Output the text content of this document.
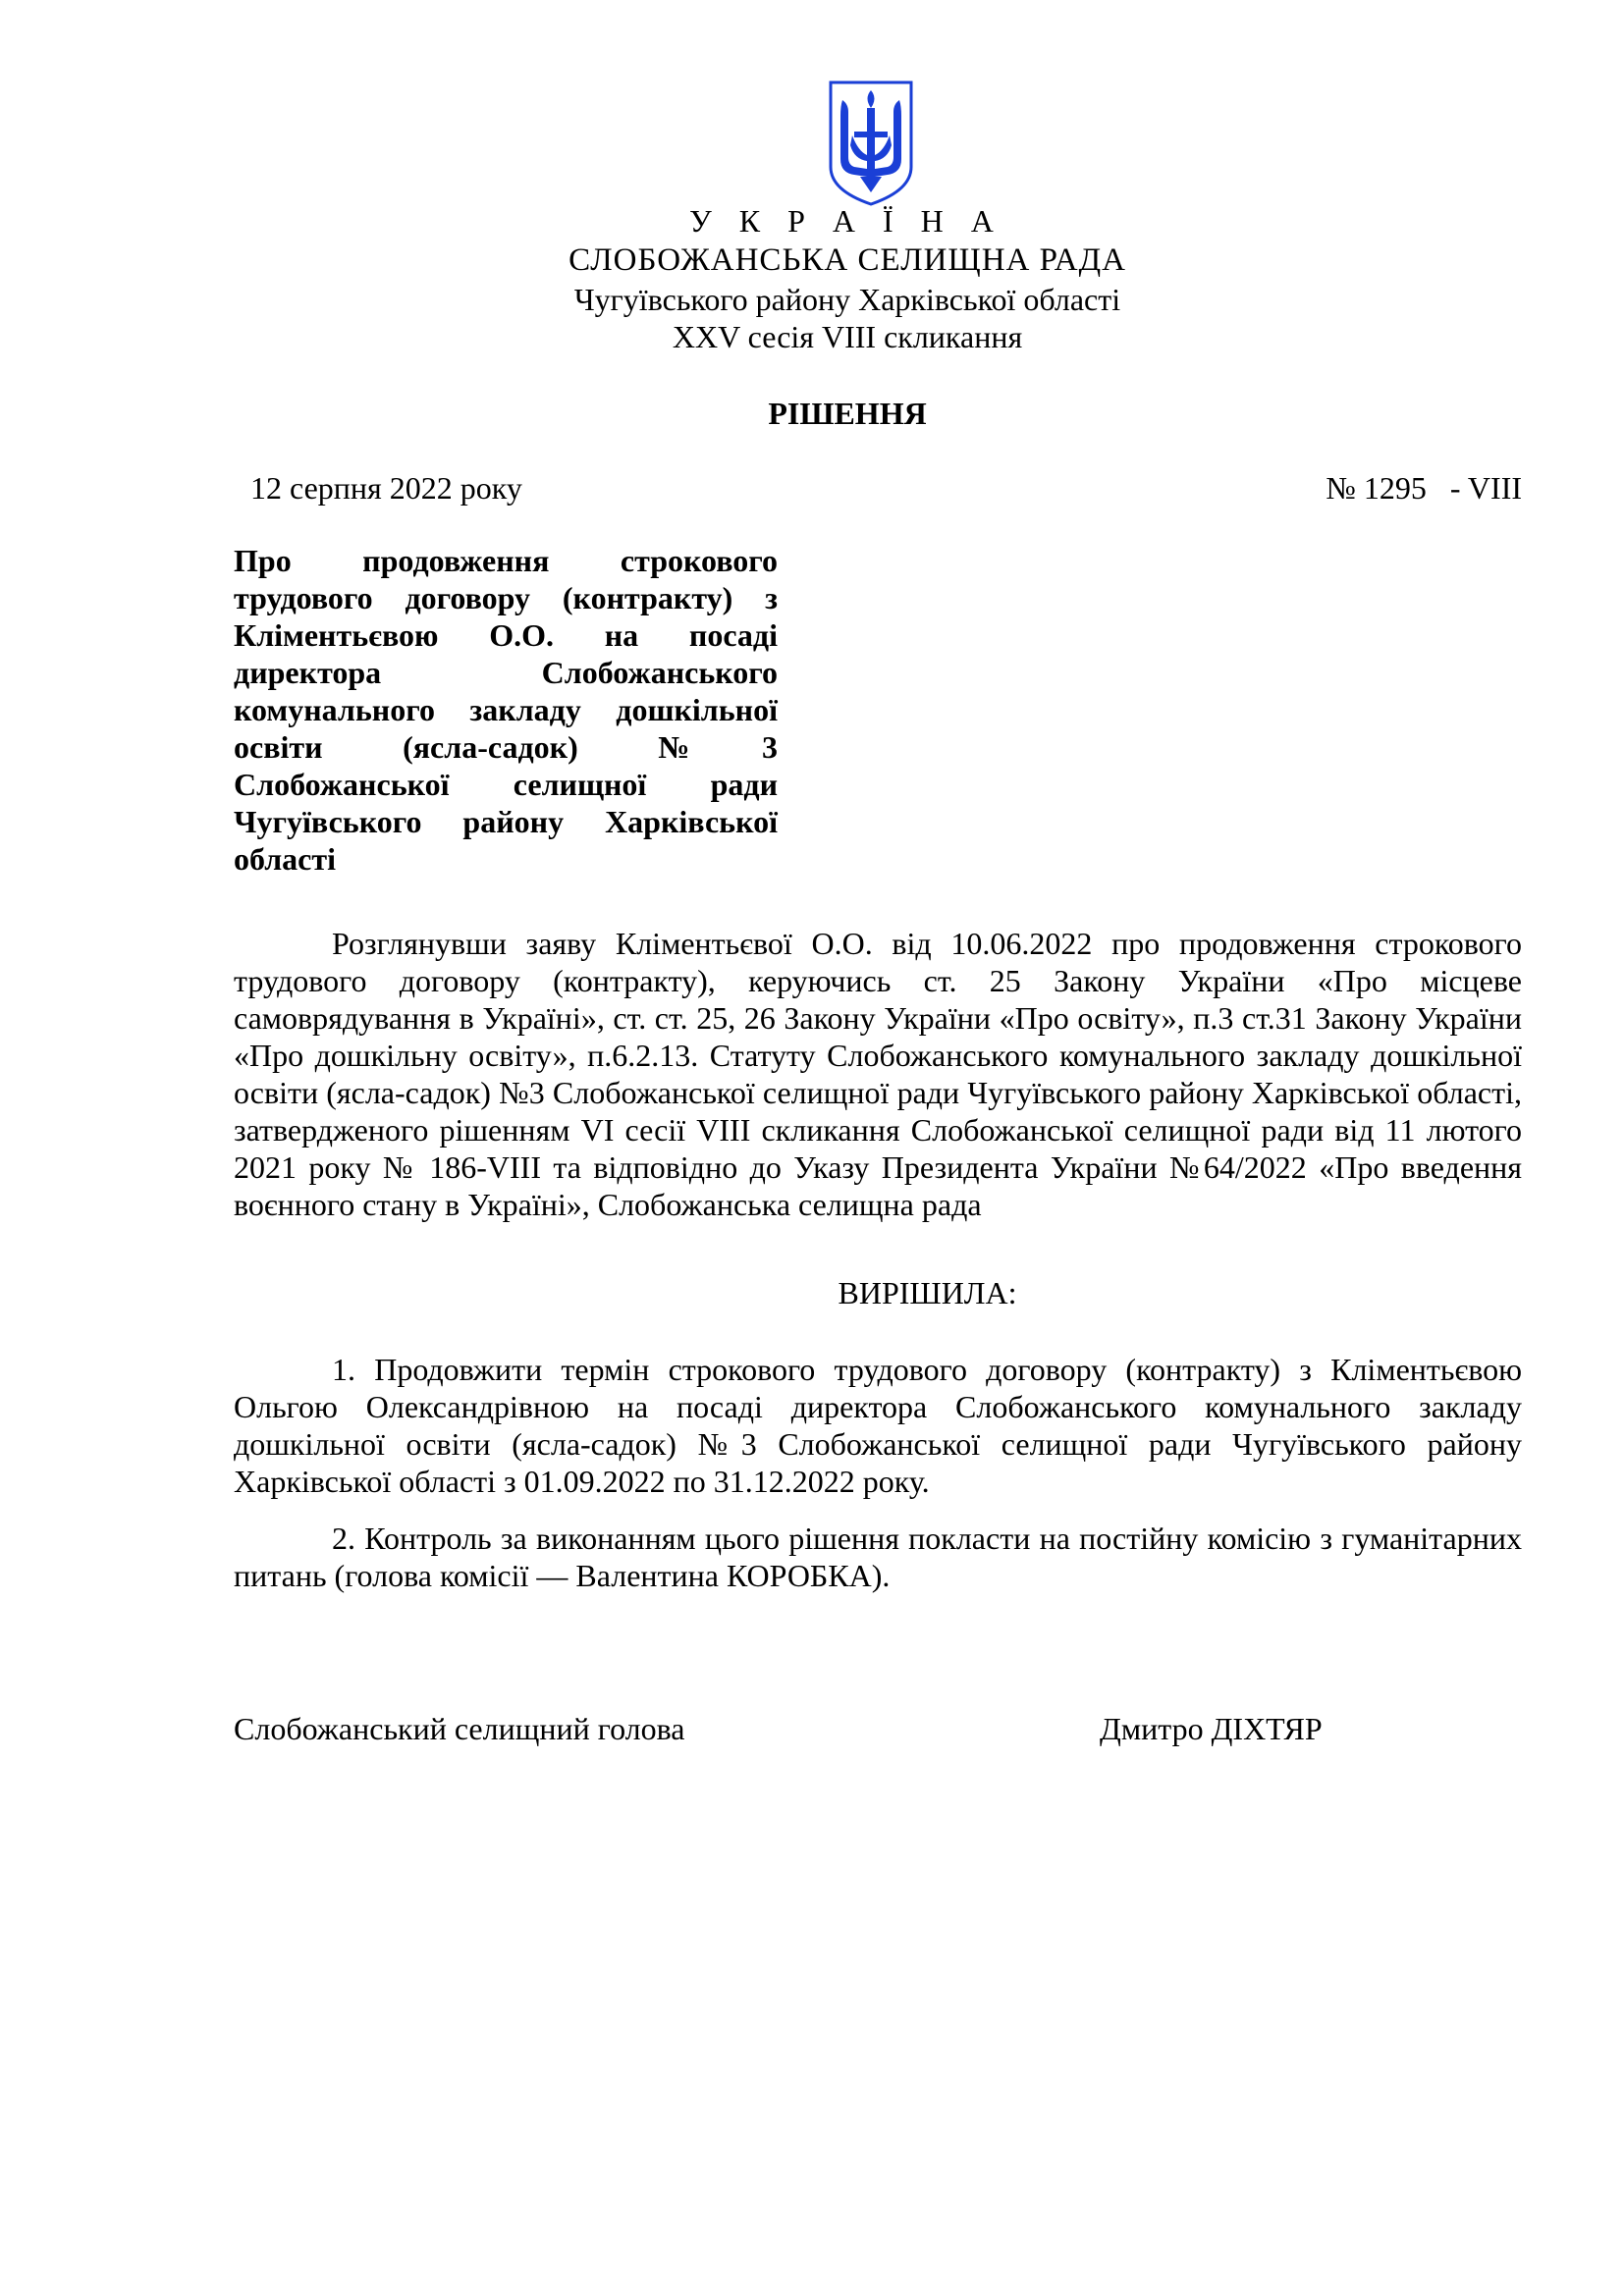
У К Р А Ї Н А
СЛОБОЖАНСЬКА СЕЛИЩНА РАДА
Чугуївського району Харківської області
XXV сесія VIII скликання
РІШЕННЯ
12 серпня 2022 року	№ 1295   - VIII
Про продовження строкового трудового договору (контракту) з Кліментьєвою О.О. на посаді директора Слобожанського комунального закладу дошкільної освіти (ясла-садок) №3 Слобожанської селищної ради Чугуївського району Харківської області

Розглянувши заяву Кліментьєвої О.О. від 10.06.2022 про продовження строкового трудового договору (контракту), керуючись ст. 25 Закону України «Про місцеве самоврядування в Україні», ст. ст. 25, 26 Закону України «Про освіту», п.3 ст.31 Закону України «Про дошкільну освіту», п.6.2.13. Статуту Слобожанського комунального закладу дошкільної освіти (ясла-садок) №3 Слобожанської селищної ради Чугуївського району Харківської області, затвердженого рішенням VI сесії VIII скликання Слобожанської селищної ради від 11 лютого 2021 року № 186-VIII та відповідно до Указу Президента України №64/2022 «Про введення воєнного стану в Україні», Слобожанська селищна рада

ВИРІШИЛА:

1. Продовжити термін строкового трудового договору (контракту) з Кліментьєвою Ольгою Олександрівною на посаді директора Слобожанського комунального закладу дошкільної освіти (ясла-садок) №3 Слобожанської селищної ради Чугуївського району Харківської області з 01.09.2022 по 31.12.2022 року.

2. Контроль за виконанням цього рішення покласти на постійну комісію з гуманітарних питань (голова комісії — Валентина КОРОБКА).

Слобожанський селищний голова	Дмитро ДІХТЯР
